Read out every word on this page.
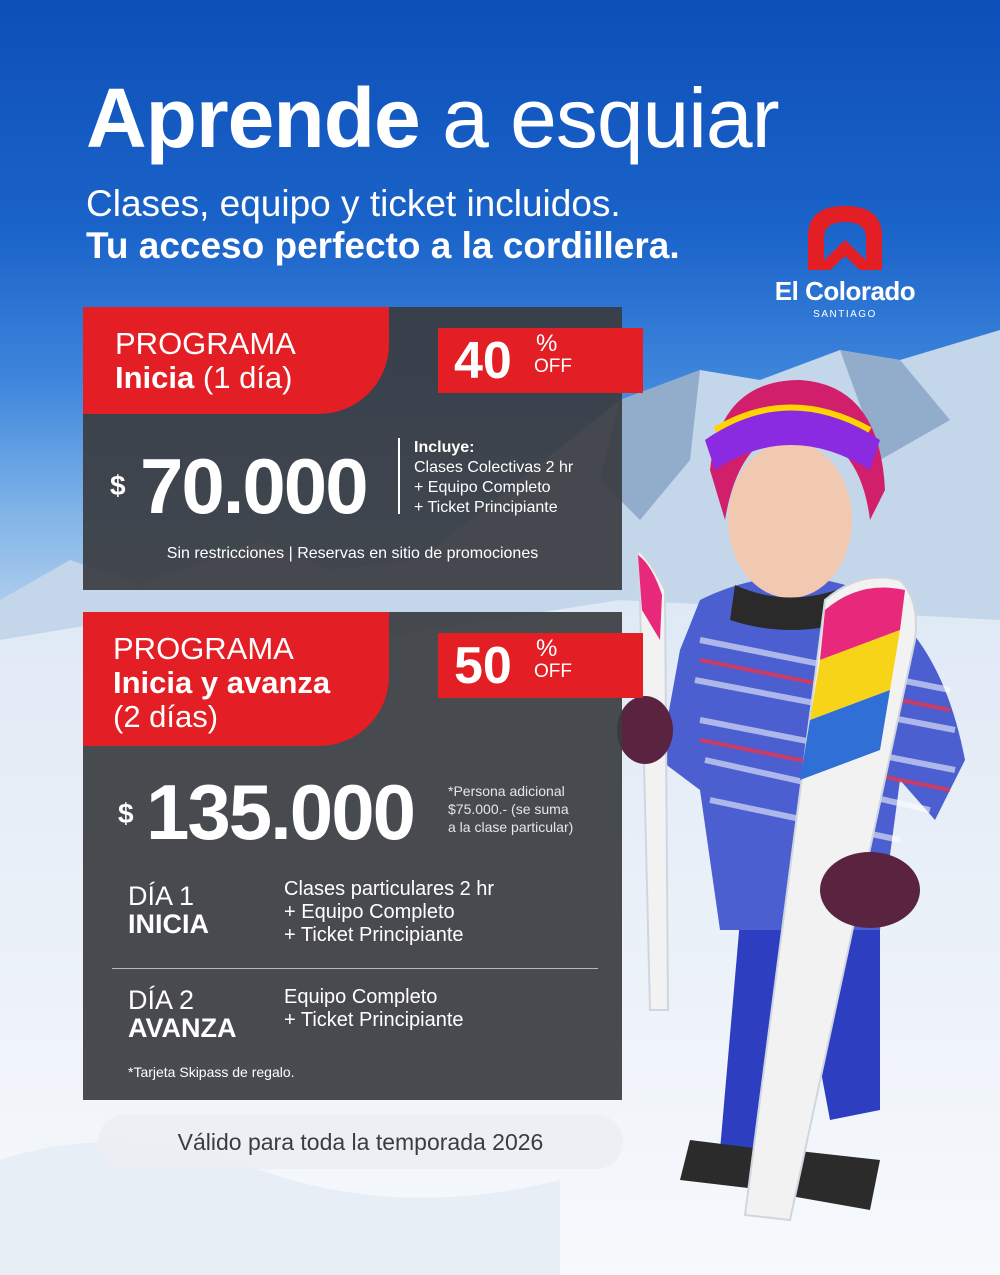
Aprende a esquiar
Clases, equipo y ticket incluidos.
Tu acceso perfecto a la cordillera.
El Colorado
SANTIAGO
PROGRAMA
Inicia (1 día)	40 %
OFF
$ 70.000	Incluye:
Clases Colectivas 2 hr
+ Equipo Completo
+ Ticket Principiante
Sin restricciones | Reservas en sitio de promociones
PROGRAMA
Inicia y avanza
(2 días)
50 %
OFF
$ 135.000 *Persona adicional
$75.000.- (se suma
a la clase particular)
DÍA 1
INICIA
Clases particulares 2 hr
+ Equipo Completo
+ Ticket Principiante
DÍA 2
AVANZA
Equipo Completo
+ Ticket Principiante
*Tarjeta Skipass de regalo.
Válido para toda la temporada 2026
